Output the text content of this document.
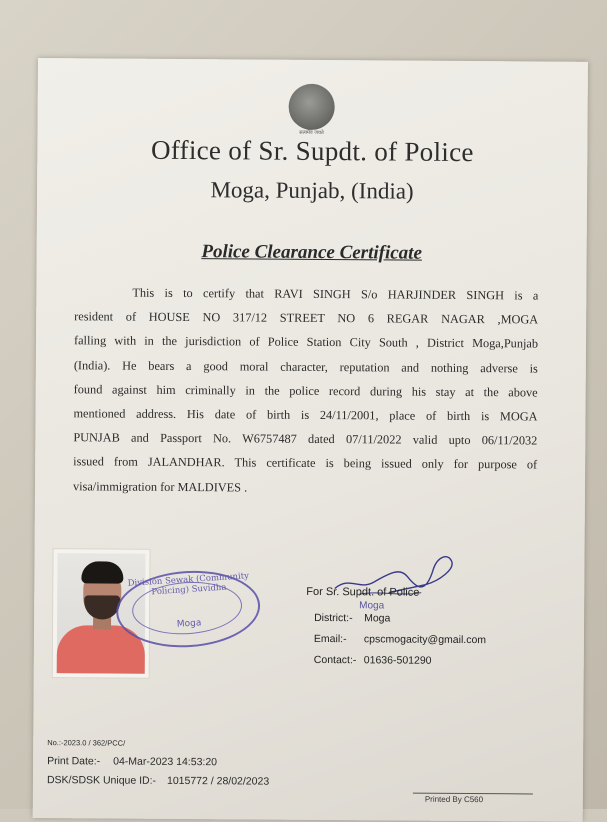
सत्यमेव जयते
Office of Sr. Supdt. of Police
Moga, Punjab, (India)
Police Clearance Certificate
This is to certify that RAVI SINGH S/o HARJINDER SINGH is a
resident of HOUSE NO 317/12 STREET NO 6 REGAR NAGAR ,MOGA
falling with in the jurisdiction of Police Station City South , District Moga,Punjab
(India). He bears a good moral character, reputation and nothing adverse is
found against him criminally in the police record during his stay at the above
mentioned address. His date of birth is 24/11/2001, place of birth is MOGA
PUNJAB and Passport No. W6757487 dated 07/11/2022 valid upto 06/11/2032
issued from JALANDHAR. This certificate is being issued only for purpose of
visa/immigration for MALDIVES .
Division Sewak (Community Policing) Suvidha
Moga
For Sr. Supdt. of Police
Moga
District:- Moga
Email:- cpscmogacity@gmail.com
Contact:- 01636-501290
No.:-2023.0 / 362/PCC/
Print Date:- 04-Mar-2023 14:53:20
DSK/SDSK Unique ID:- 1015772 / 28/02/2023
Printed By C560
